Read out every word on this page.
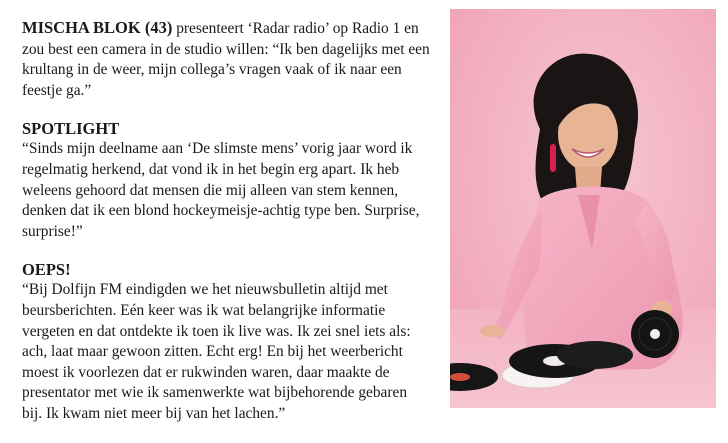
MISCHA BLOK (43) presenteert ‘Radar radio’ op Radio 1 en zou best een camera in de studio willen: “Ik ben dagelijks met een krultang in de weer, mijn collega’s vragen vaak of ik naar een feestje ga.”

SPOTLIGHT
“Sinds mijn deelname aan ‘De slimste mens’ vorig jaar word ik regelmatig herkend, dat vond ik in het begin erg apart. Ik heb weleens gehoord dat mensen die mij alleen van stem kennen, denken dat ik een blond hockeymeisje-achtig type ben. Surprise, surprise!”
OEPS!
“Bij Dolfijn FM eindigden we het nieuwsbulletin altijd met beursberichten. Eén keer was ik wat belangrijke informatie vergeten en dat ontdekte ik toen ik live was. Ik zei snel iets als: ach, laat maar gewoon zitten. Echt erg! En bij het weerbericht moest ik voorlezen dat er rukwinden waren, daar maakte de presentator met wie ik samenwerkte wat bijbehorende gebaren bij. Ik kwam niet meer bij van het lachen.”
